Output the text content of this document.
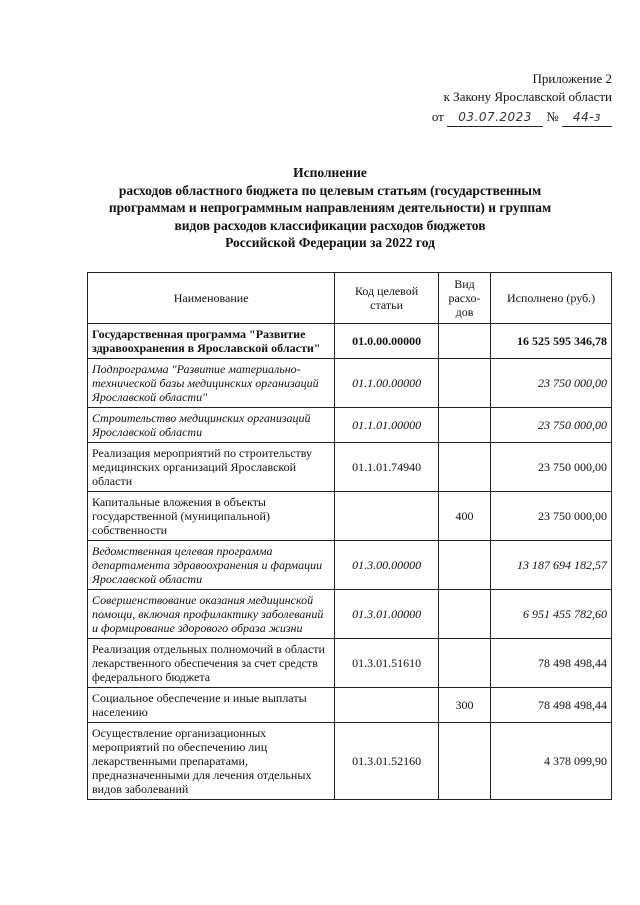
Приложение 2
к Закону Ярославской области
от 03.07.2023 № 44-з
Исполнение
расходов областного бюджета по целевым статьям (государственным
программам и непрограммным направлениям деятельности) и группам
видов расходов классификации расходов бюджетов
Российской Федерации за 2022 год
Наименование	Код целевой статьи	Вид расхо-дов	Исполнено (руб.)
Государственная программа "Развитие здравоохранения в Ярославской области"	01.0.00.00000		16 525 595 346,78
Подпрограмма "Развитие материально-технической базы медицинских организаций Ярославской области"	01.1.00.00000		23 750 000,00
Строительство медицинских организаций Ярославской области	01.1.01.00000		23 750 000,00
Реализация мероприятий по строительству медицинских организаций Ярославской области	01.1.01.74940		23 750 000,00
Капитальные вложения в объекты государственной (муниципальной) собственности		400	23 750 000,00
Ведомственная целевая программа департамента здравоохранения и фармации Ярославской области	01.3.00.00000		13 187 694 182,57
Совершенствование оказания медицинской помощи, включая профилактику заболеваний и формирование здорового образа жизни	01.3.01.00000		6 951 455 782,60
Реализация отдельных полномочий в области лекарственного обеспечения за счет средств федерального бюджета	01.3.01.51610		78 498 498,44
Социальное обеспечение и иные выплаты населению		300	78 498 498,44
Осуществление организационных мероприятий по обеспечению лиц лекарственными препаратами, предназначенными для лечения отдельных видов заболеваний	01.3.01.52160		4 378 099,90
